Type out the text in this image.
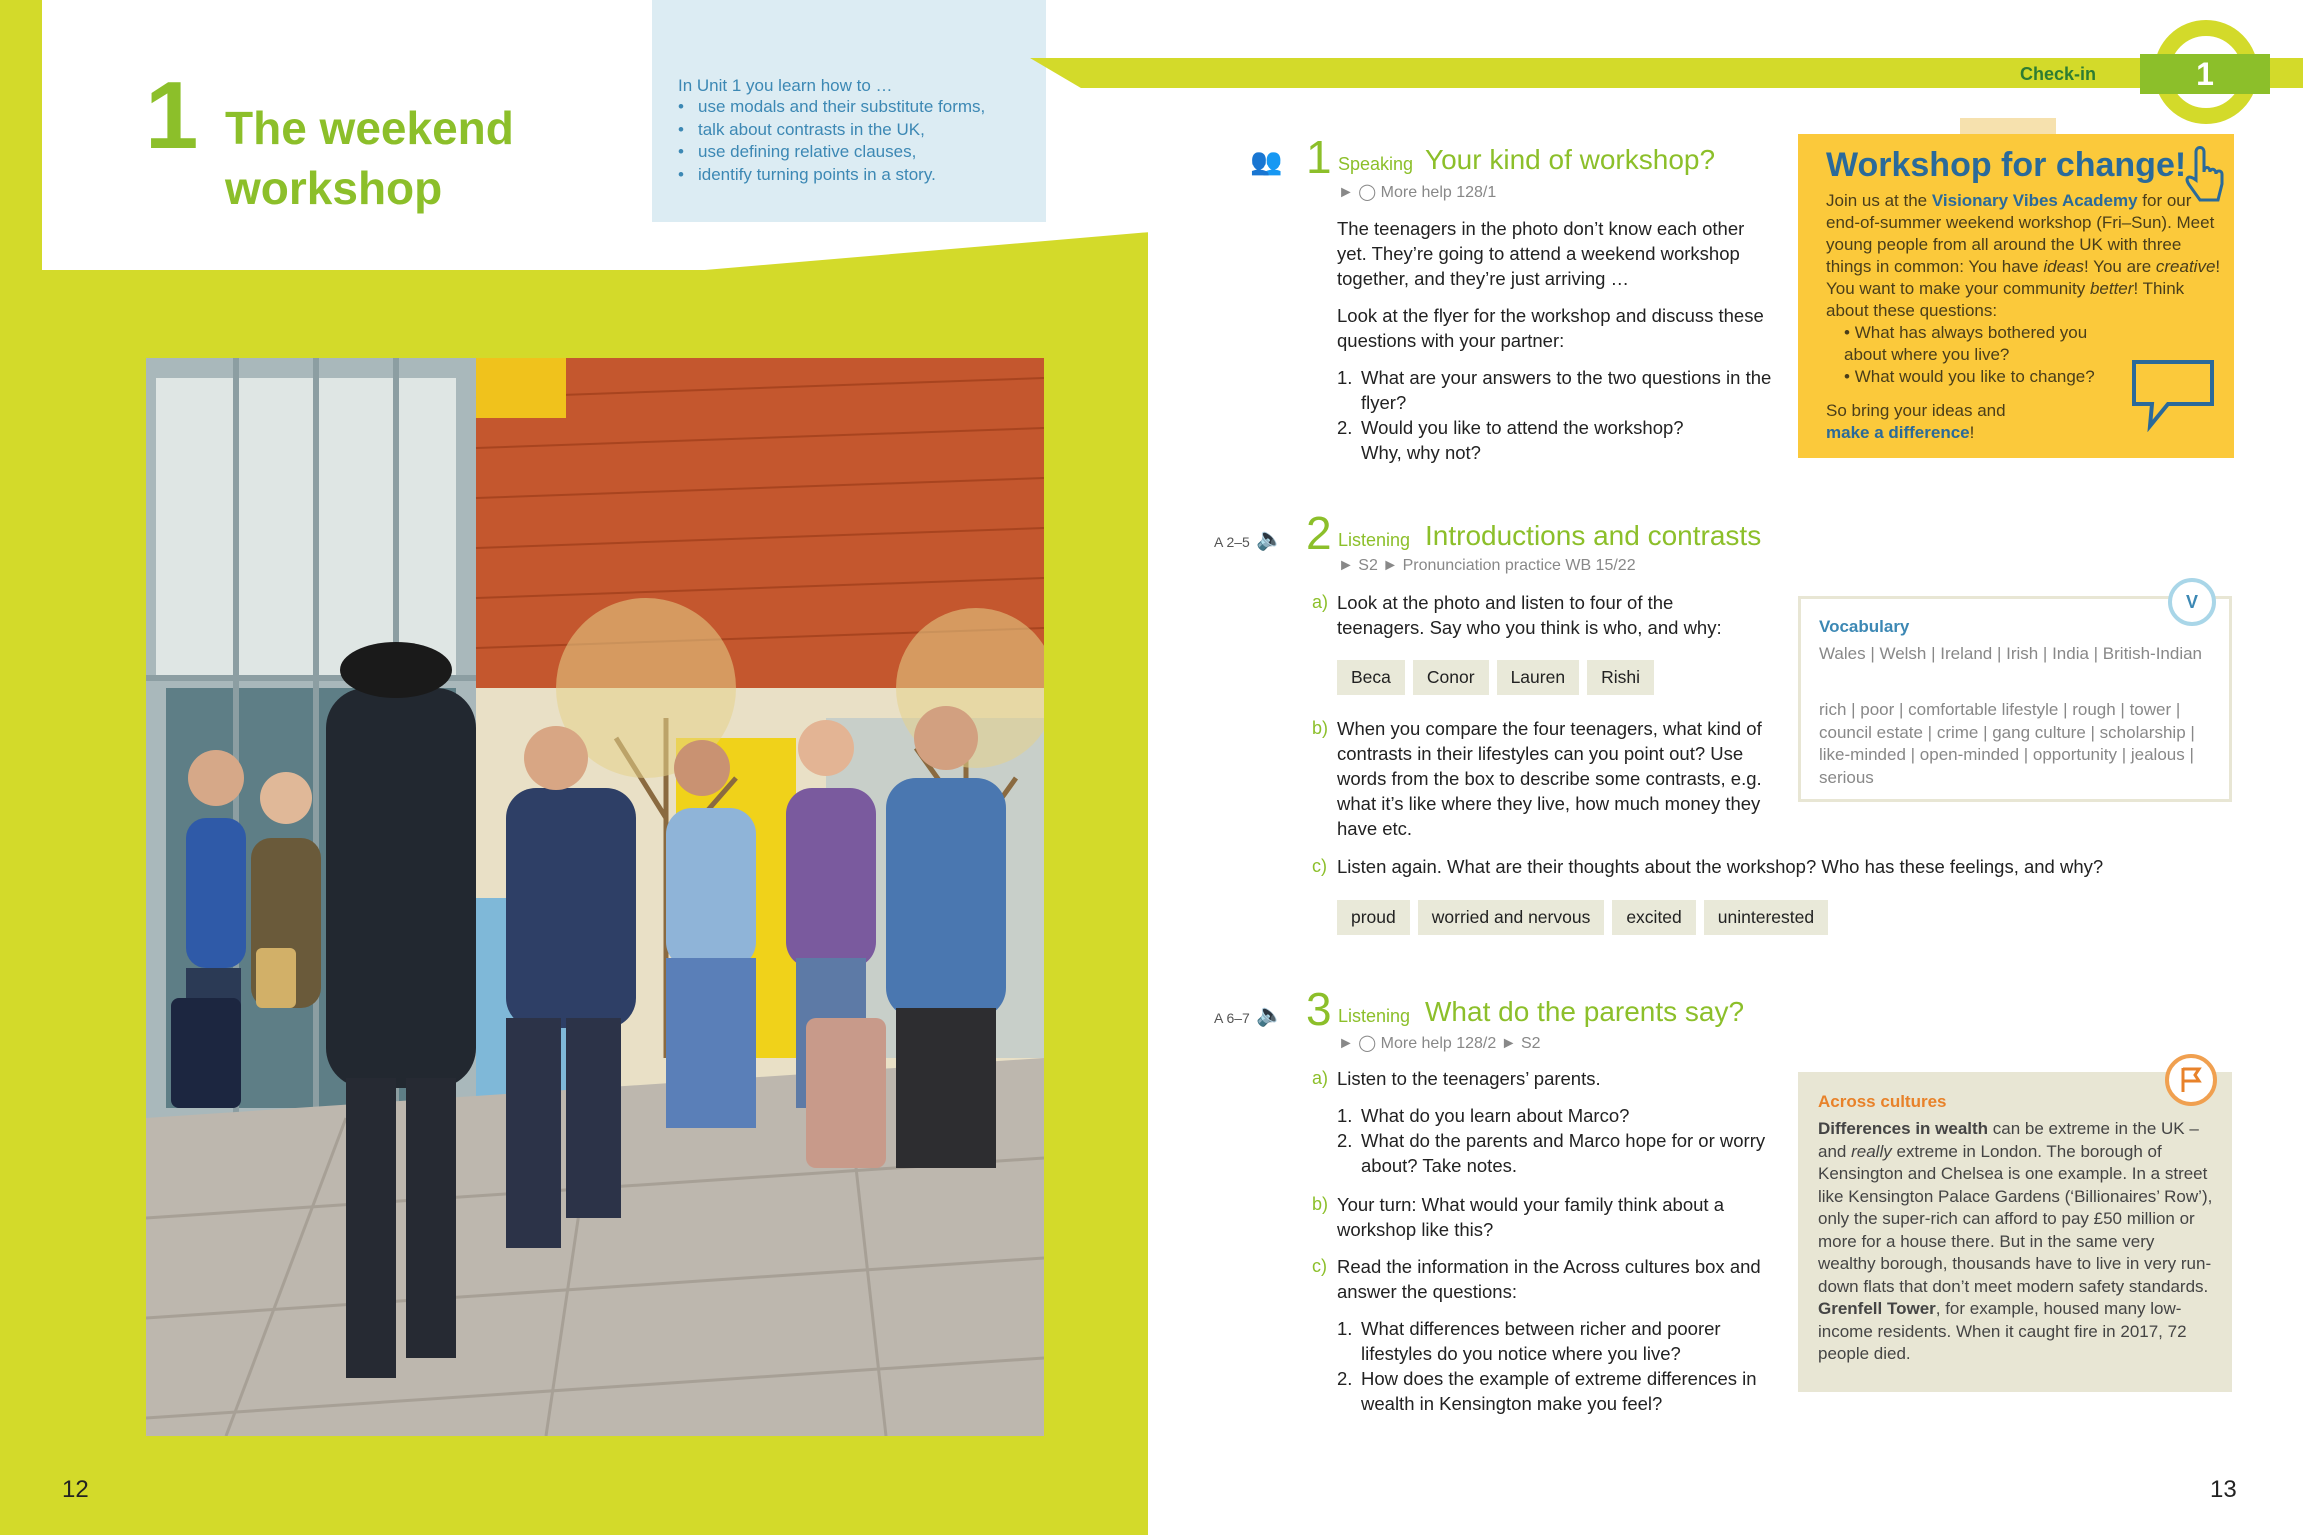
1 The weekend workshop
In Unit 1 you learn how to …
• use modals and their substitute forms,
• talk about contrasts in the UK,
• use defining relative clauses,
• identify turning points in a story.
12
Check-in	1
👥 1 Speaking Your kind of workshop?
► ◯ More help 128/1
The teenagers in the photo don’t know each other yet. They’re going to attend a weekend workshop together, and they’re just arriving …
Look at the flyer for the workshop and discuss these questions with your partner:
1. What are your answers to the two questions in the flyer?
2. Would you like to attend the workshop? Why, why not?
Workshop for change!
Join us at the Visionary Vibes Academy for our end-of-summer weekend workshop (Fri–Sun). Meet young people from all around the UK with three things in common: You have ideas! You are creative! You want to make your community better! Think about these questions:
• What has always bothered you about where you live?
• What would you like to change?
So bring your ideas and make a difference!
A 2–5 🔈 2 Listening Introductions and contrasts
► S2 ► Pronunciation practice WB 15/22
a) Look at the photo and listen to four of the teenagers. Say who you think is who, and why:
Beca Conor Lauren Rishi
b) When you compare the four teenagers, what kind of contrasts in their lifestyles can you point out? Use words from the box to describe some contrasts, e.g. what it’s like where they live, how much money they have etc.
c) Listen again. What are their thoughts about the workshop? Who has these feelings, and why?
proud worried and nervous excited uninterested
Vocabulary
Wales | Welsh | Ireland | Irish | India | British-Indian
rich | poor | comfortable lifestyle | rough | tower | council estate | crime | gang culture | scholarship | like-minded | open-minded | opportunity | jealous | serious
V
A 6–7 🔈 3 Listening What do the parents say?
► ◯ More help 128/2 ► S2
a) Listen to the teenagers’ parents.
1. What do you learn about Marco?
2. What do the parents and Marco hope for or worry about? Take notes.
b) Your turn: What would your family think about a workshop like this?
c) Read the information in the Across cultures box and answer the questions:
1. What differences between richer and poorer lifestyles do you notice where you live?
2. How does the example of extreme differences in wealth in Kensington make you feel?
Across cultures
Differences in wealth can be extreme in the UK – and really extreme in London. The borough of Kensington and Chelsea is one example. In a street like Kensington Palace Gardens (‘Billionaires’ Row’), only the super-rich can afford to pay £50 million or more for a house there. But in the same very wealthy borough, thousands have to live in very run-down flats that don’t meet modern safety standards. Grenfell Tower, for example, housed many low-income residents. When it caught fire in 2017, 72 people died.
13
